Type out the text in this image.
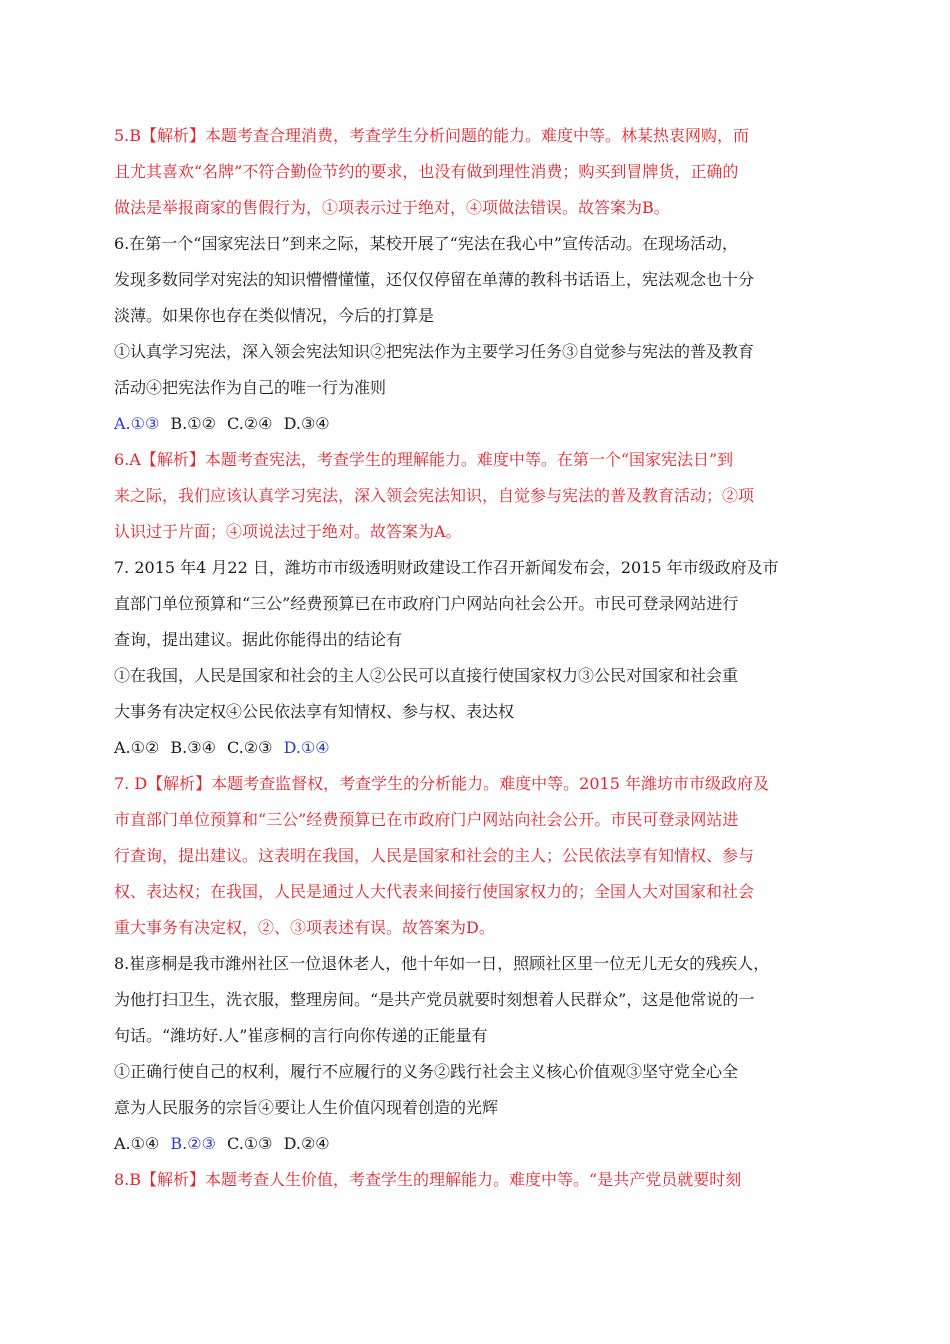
5.B【解析】本题考查合理消费，考查学生分析问题的能力。难度中等。林某热衷网购，而
且尤其喜欢“名牌”不符合勤俭节约的要求，也没有做到理性消费；购买到冒牌货，正确的
做法是举报商家的售假行为，①项表示过于绝对，④项做法错误。故答案为B。
6.在第一个“国家宪法日”到来之际，某校开展了“宪法在我心中”宣传活动。在现场活动，
发现多数同学对宪法的知识懵懵懂懂，还仅仅停留在单薄的教科书话语上，宪法观念也十分
淡薄。如果你也存在类似情况，今后的打算是
①认真学习宪法，深入领会宪法知识②把宪法作为主要学习任务③自觉参与宪法的普及教育
活动④把宪法作为自己的唯一行为准则
A.①③ B.①② C.②④ D.③④
6.A【解析】本题考查宪法，考查学生的理解能力。难度中等。在第一个“国家宪法日”到
来之际，我们应该认真学习宪法，深入领会宪法知识，自觉参与宪法的普及教育活动；②项
认识过于片面；④项说法过于绝对。故答案为A。
7. 2015 年4 月22 日，潍坊市市级透明财政建设工作召开新闻发布会，2015 年市级政府及市
直部门单位预算和“三公”经费预算已在市政府门户网站向社会公开。市民可登录网站进行
查询，提出建议。据此你能得出的结论有
①在我国，人民是国家和社会的主人②公民可以直接行使国家权力③公民对国家和社会重
大事务有决定权④公民依法享有知情权、参与权、表达权
A.①② B.③④ C.②③ D.①④
7. D【解析】本题考查监督权，考查学生的分析能力。难度中等。2015 年潍坊市市级政府及
市直部门单位预算和“三公”经费预算已在市政府门户网站向社会公开。市民可登录网站进
行查询，提出建议。这表明在我国，人民是国家和社会的主人；公民依法享有知情权、参与
权、表达权；在我国，人民是通过人大代表来间接行使国家权力的；全国人大对国家和社会
重大事务有决定权，②、③项表述有误。故答案为D。
8.崔彦桐是我市潍州社区一位退休老人，他十年如一日，照顾社区里一位无儿无女的残疾人，
为他打扫卫生，洗衣服，整理房间。“是共产党员就要时刻想着人民群众”，这是他常说的一
句话。“潍坊好.人”崔彦桐的言行向你传递的正能量有
①正确行使自己的权利，履行不应履行的义务②践行社会主义核心价值观③坚守党全心全
意为人民服务的宗旨④要让人生价值闪现着创造的光辉
A.①④ B.②③ C.①③ D.②④
8.B【解析】本题考查人生价值，考查学生的理解能力。难度中等。“是共产党员就要时刻
